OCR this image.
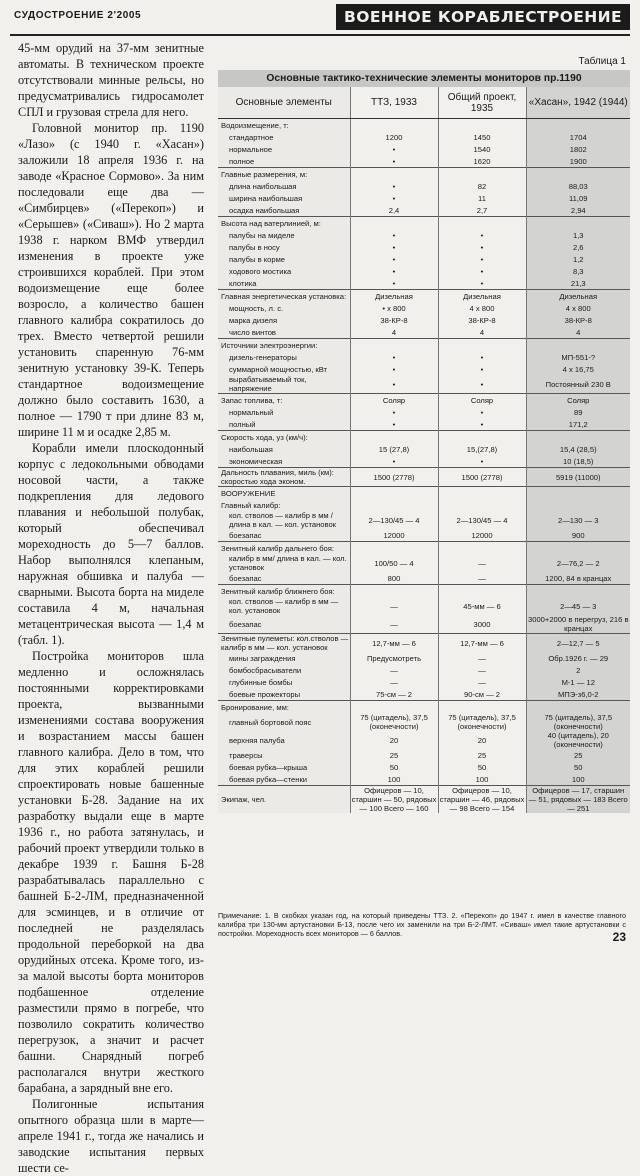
СУДОСТРОЕНИЕ 2'2005	ВОЕННОЕ КОРАБЛЕСТРОЕНИЕ

45-мм орудий на 37-мм зенитные автоматы. В техническом проекте отсутствовали минные рельсы, но предусматривались гидросамолет СПЛ и грузовая стрела для него.

Головной монитор пр. 1190 «Лазо» (с 1940 г. «Хасан») заложили 18 апреля 1936 г. на заводе «Красное Сормово». За ним последовали еще два — «Симбирцев» («Перекоп») и «Серышев» («Сиваш»). Но 2 марта 1938 г. нарком ВМФ утвердил изменения в проекте уже строившихся кораблей. При этом водоизмещение еще более возросло, а количество башен главного калибра сократилось до трех. Вместо четвертой решили установить спаренную 76-мм зенитную установку 39-К. Теперь стандартное водоизмещение должно было составить 1630, а полное — 1790 т при длине 83 м, ширине 11 м и осадке 2,85 м.

Корабли имели плоскодонный корпус с ледокольными обводами носовой части, а также подкрепления для ледового плавания и небольшой полубак, который обеспечивал мореходность до 5—7 баллов. Набор выполнялся клепаным, наружная обшивка и палуба — сварными. Высота борта на миделе составила 4 м, начальная метацентрическая высота — 1,4 м (табл. 1).

Постройка мониторов шла медленно и осложнялась постоянными корректировками проекта, вызванными изменениями состава вооружения и возрастанием массы башен главного калибра. Дело в том, что для этих кораблей решили спроектировать новые башенные установки Б-28. Задание на их разработку выдали еще в марте 1936 г., но работа затянулась, и рабочий проект утвердили только в декабре 1939 г. Башня Б-28 разрабатывалась параллельно с башней Б-2-ЛМ, предназначенной для эсминцев, и в отличие от последней не разделялась продольной переборкой на два орудийных отсека. Кроме того, из-за малой высоты борта мониторов подбашенное отделение разместили прямо в погребе, что позволило сократить количество перегрузок, а значит и расчет башни. Снарядный погреб располагался внутри жесткого барабана, а зарядный вне его.

Полигонные испытания опытного образца шли в марте—апреле 1941 г., тогда же начались и заводские испытания первых шести се-

Таблица 1
Основные тактико-технические элементы мониторов пр.1190
Основные элементы	ТТЗ, 1933	Общий проект, 1935	«Хасан», 1942 (1944)
Водоизмещение, т:			
стандартное	1200	1450	1704
нормальное	•	1540	1802
полное	•	1620	1900
Главные размерения, м:			
длина наибольшая	•	82	88,03
ширина наибольшая	•	11	11,09
осадка наибольшая	2,4	2,7	2,94
Высота над ватерлинией, м:			
палубы на миделе	•	•	1,3
палубы в носу	•	•	2,6
палубы в корме	•	•	1,2
ходового мостика	•	•	8,3
клотика	•	•	21,3
Главная энергетическая установка:	Дизельная	Дизельная	Дизельная
мощность, л. с.	• x 800	4 x 800	4 x 800
марка дизеля	38-КР-8	38-КР-8	38-КР-8
число винтов	4	4	4
Источники электроэнергии:			
дизель-генераторы	•	•	МП-551-?
суммарной мощностью, кВт	•	•	4 x 16,75
вырабатываемый ток, напряжение	•	•	Постоянный 230 В
Запас топлива, т:	Соляр	Соляр	Соляр
нормальный	•	•	89
полный	•	•	171,2
Скорость хода, уз (км/ч):			
наибольшая	15 (27,8)	15,(27,8)	15,4 (28,5)
экономическая	•	•	10 (18,5)
Дальность плавания, миль (км): скоростью хода эконом.	1500 (2778)	1500 (2778)	5919 (11000)
ВООРУЖЕНИЕ			
Главный калибр:			
кол. стволов — калибр в мм / длина в кал. — кол. установок	2—130/45 — 4	2—130/45 — 4	2—130 — 3
боезапас	12000	12000	900
Зенитный калибр дальнего боя:			
калибр в мм/ длина в кал. — кол. установок	100/50 — 4	—	2—76,2 — 2
боезапас	800	—	1200, 84 в кранцах
Зенитный калибр ближнего боя:			
кол. стволов — калибр в мм — кол. установок	—	45-мм — 6	2—45 — 3
боезапас	—	3000	3000+2000 в перегруз, 216 в кранцах
Зенитные пулеметы: кол.стволов — калибр в мм — кол. установок	12,7-мм — 6	12,7-мм — 6	2—12,7 — 5
мины заграждения	Предусмотреть	—	Обр.1926 г. — 29
бомбосбрасыватели	—	—	2
глубинные бомбы	—	—	М-1 — 12
боевые прожекторы	75-см — 2	90-см — 2	МПЭ-з6,0-2
Бронирование, мм:			
главный бортовой пояс	75 (цитадель), 37,5 (оконечности)	75 (цитадель), 37,5 (оконечности)	75 (цитадель), 37,5 (оконечности)
верхняя палуба	20	20	40 (цитадель), 20 (оконечности)
траверсы	25	25	25
боевая рубка—крыша	50	50	50
боевая рубка—стенки	100	100	100
Экипаж, чел.	Офицеров — 10, старшин — 50, рядовых — 100 Всего — 160	Офицеров — 10, старшин — 46, рядовых — 98 Всего — 154	Офицеров — 17, старшин — 51, рядовых — 183 Всего — 251
Примечание: 1. В скобках указан год, на который приведены ТТЗ. 2. «Перекоп» до 1947 г. имел в качестве главного калибра три 130-мм артустановки Б-13, после чего их заменили на три Б-2-ЛМТ. «Сиваш» имел такие артустановки с постройки. Мореходность всех мониторов — 6 баллов.	23
